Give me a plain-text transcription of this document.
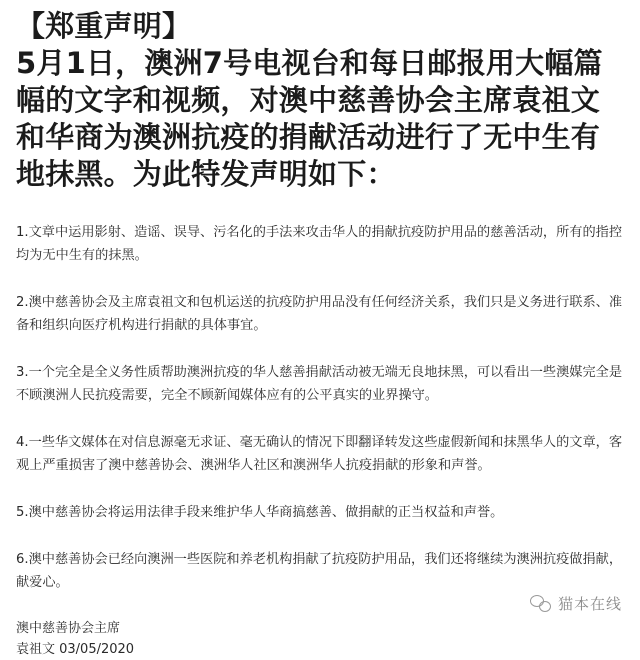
【郑重声明】
5月1日，澳洲7号电视台和每日邮报用大幅篇
幅的文字和视频，对澳中慈善协会主席袁祖文
和华商为澳洲抗疫的捐献活动进行了无中生有
地抹黑。为此特发声明如下：

1.文章中运用影射、造谣、误导、污名化的手法来攻击华人的捐献抗疫防护用品的慈善活动，所有的指控均为无中生有的抹黑。

2.澳中慈善协会及主席袁祖文和包机运送的抗疫防护用品没有任何经济关系，我们只是义务进行联系、准备和组织向医疗机构进行捐献的具体事宜。

3.一个完全是全义务性质帮助澳洲抗疫的华人慈善捐献活动被无端无良地抹黑，可以看出一些澳媒完全是不顾澳洲人民抗疫需要，完全不顾新闻媒体应有的公平真实的业界操守。

4.一些华文媒体在对信息源毫无求证、毫无确认的情况下即翻译转发这些虚假新闻和抹黑华人的文章，客观上严重损害了澳中慈善协会、澳洲华人社区和澳洲华人抗疫捐献的形象和声誉。

5.澳中慈善协会将运用法律手段来维护华人华商搞慈善、做捐献的正当权益和声誉。

6.澳中慈善协会已经向澳洲一些医院和养老机构捐献了抗疫防护用品，我们还将继续为澳洲抗疫做捐献，献爱心。

澳中慈善协会主席
袁祖文 03/05/2020
猫本在线
